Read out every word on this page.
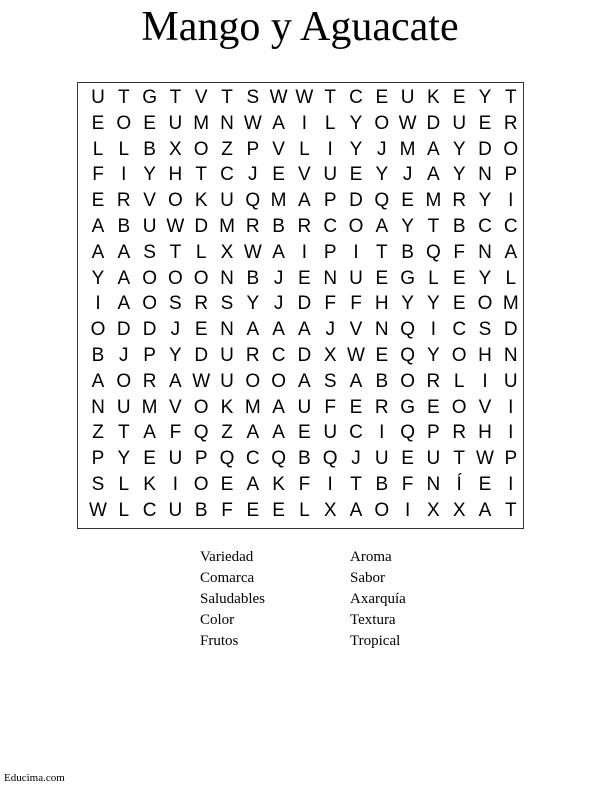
Mango y Aguacate
U T G T V T S W W T C E U K E Y T
E O E U M N W A I L Y O W D U E R
L L B X O Z P V L I Y J M A Y D O
F I Y H T C J E V U E Y J A Y N P
E R V O K U Q M A P D Q E M R Y I
A B U W D M R B R C O A Y T B C C
A A S T L X W A I P I T B Q F N A
Y A O O O N B J E N U E G L E Y L
I A O S R S Y J D F F H Y Y E O M
O D D J E N A A A J V N Q I C S D
B J P Y D U R C D X W E Q Y O H N
A O R A W U O O A S A B O R L I U
N U M V O K M A U F E R G E O V I
Z T A F Q Z A A E U C I Q P R H I
P Y E U P Q C Q B Q J U E U T W P
S L K I O E A K F I T B F N Í E I
W L C U B F E E L X A O I X X A T
Variedad
Comarca
Saludables
Color
Frutos
Aroma
Sabor
Axarquía
Textura
Tropical
Educima.com
